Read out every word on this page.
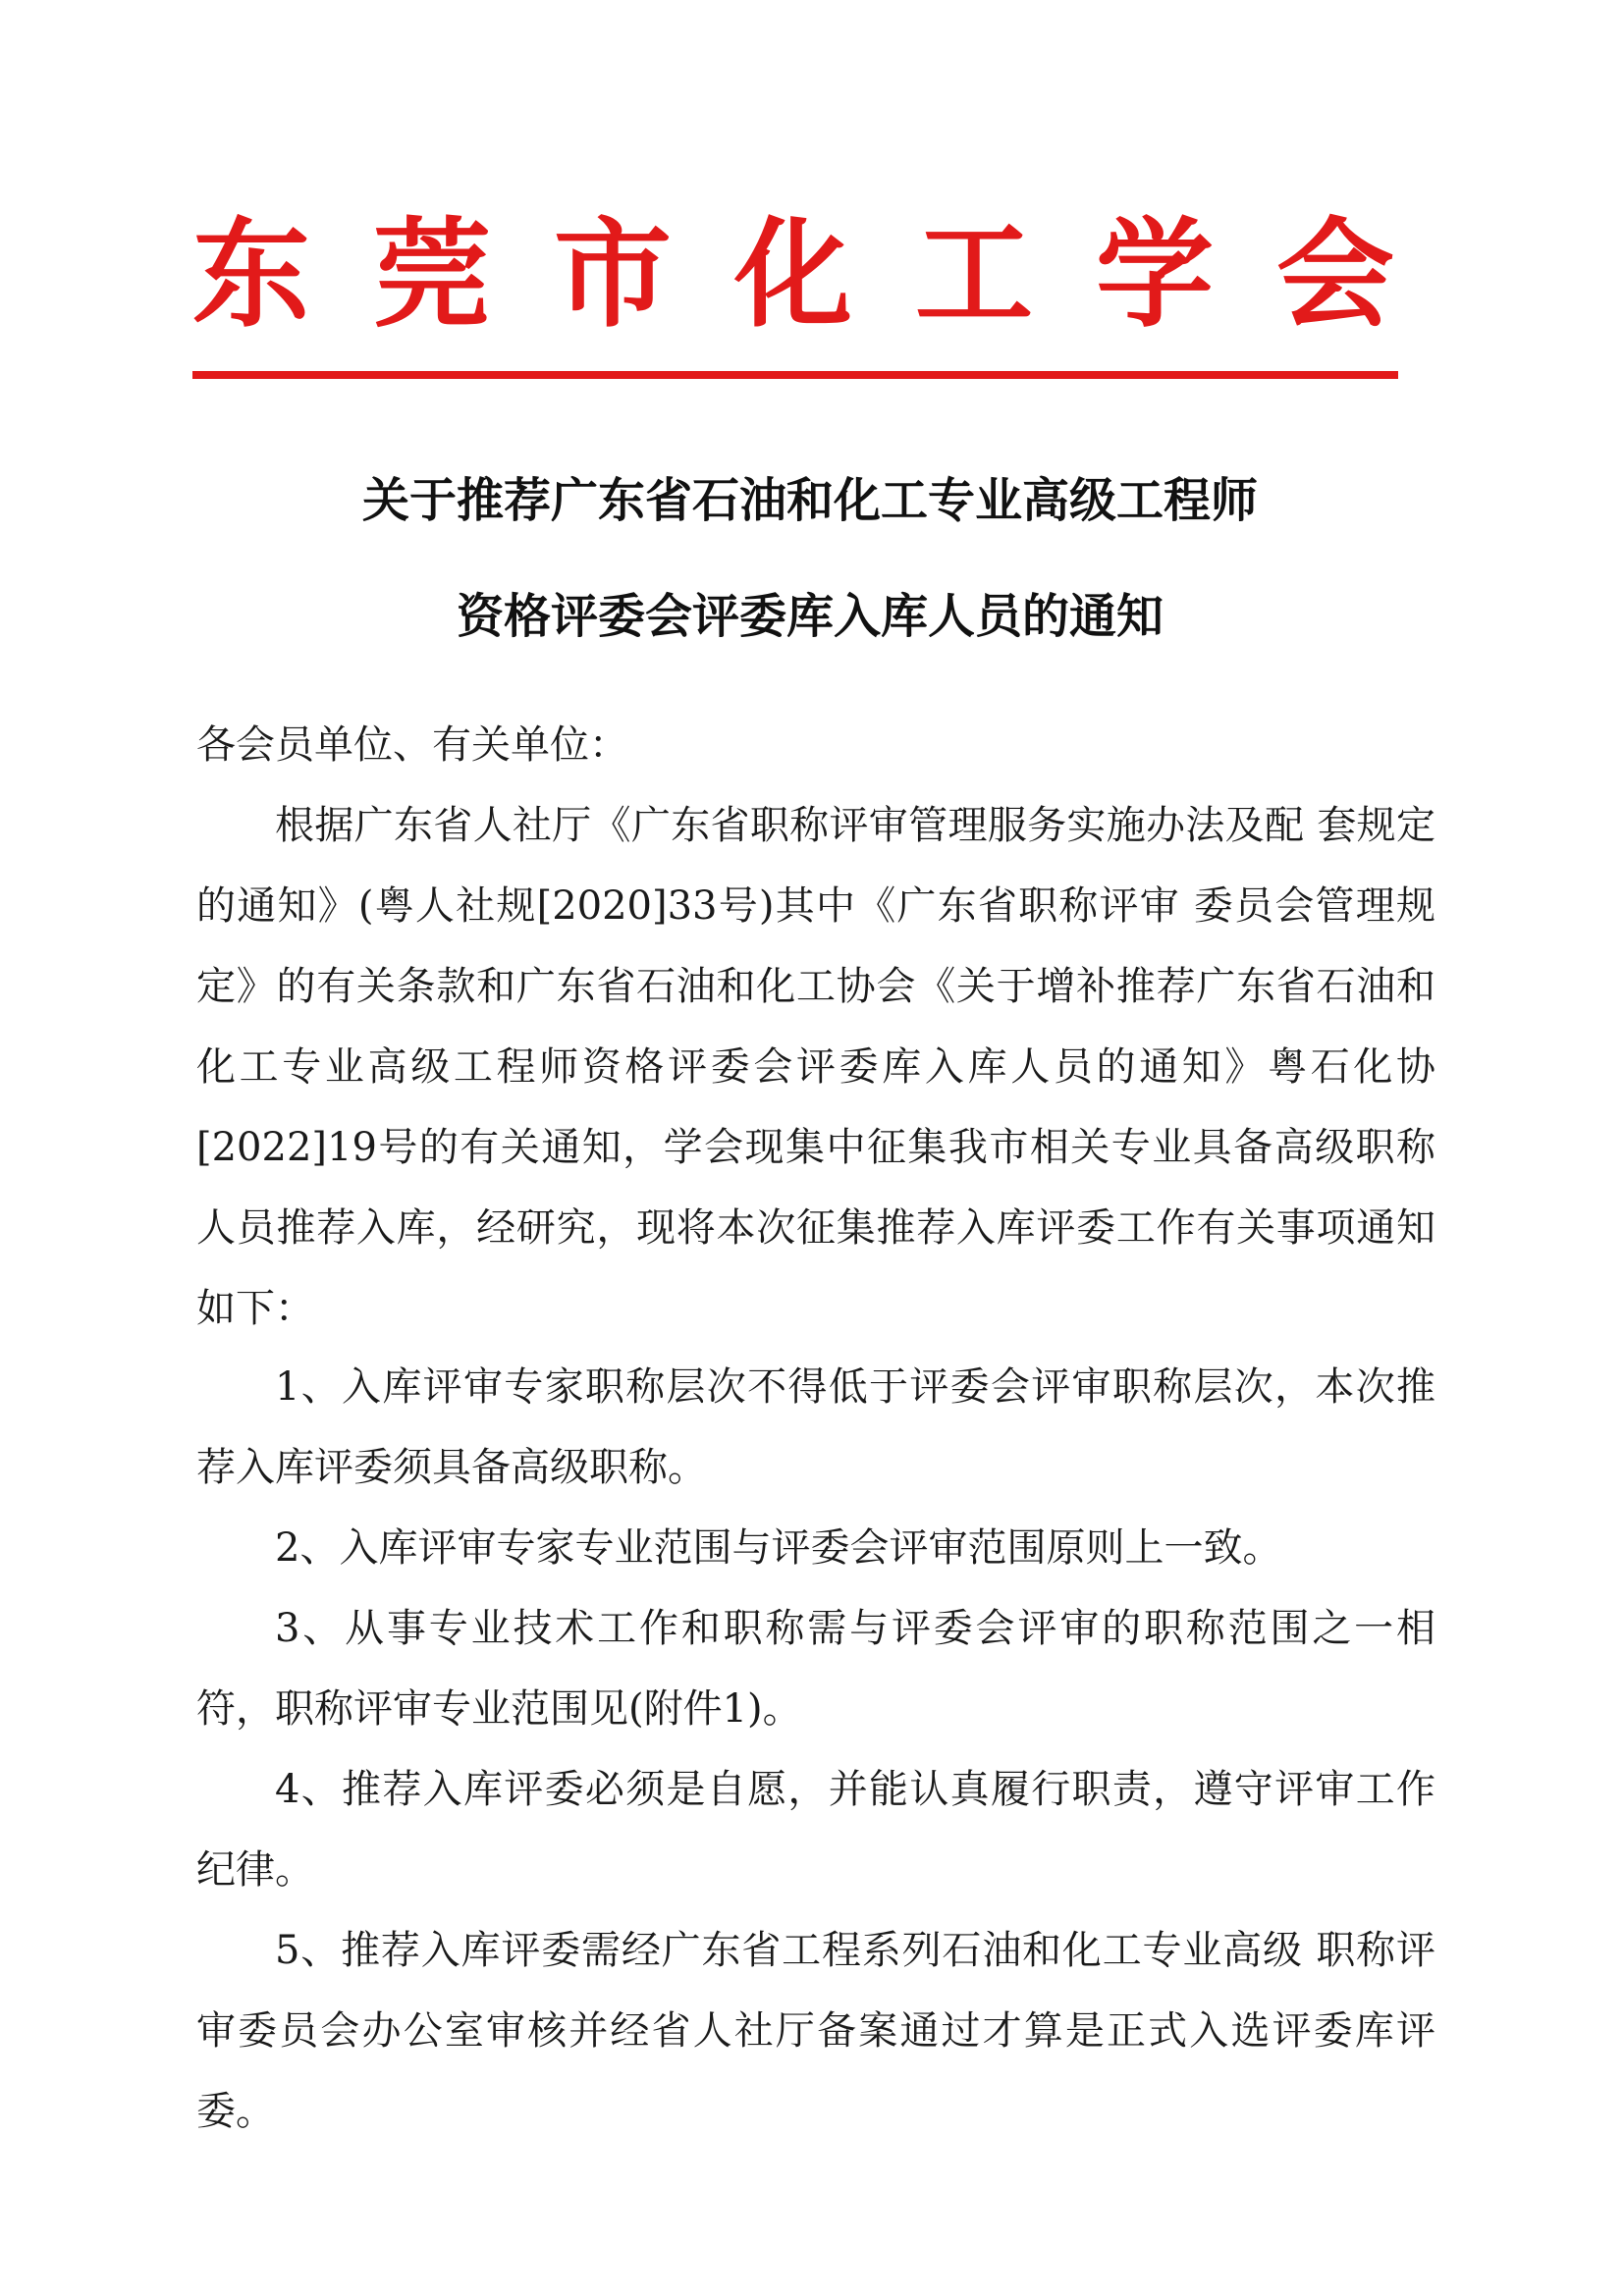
东莞市化工学会
关于推荐广东省石油和化工专业高级工程师
资格评委会评委库入库人员的通知
各会员单位、有关单位：

根据广东省人社厅《广东省职称评审管理服务实施办法及配 套规定的通知》(粤人社规[2020]33号)其中《广东省职称评审 委员会管理规定》的有关条款和广东省石油和化工协会《关于增补推荐广东省石油和化工专业高级工程师资格评委会评委库入库人员的通知》粤石化协[2022]19号的有关通知，学会现集中征集我市相关专业具备高级职称人员推荐入库，经研究，现将本次征集推荐入库评委工作有关事项通知如下：

1、入库评审专家职称层次不得低于评委会评审职称层次，本次推荐入库评委须具备高级职称。

2、入库评审专家专业范围与评委会评审范围原则上一致。

3、从事专业技术工作和职称需与评委会评审的职称范围之一相符，职称评审专业范围见(附件1)。

4、推荐入库评委必须是自愿，并能认真履行职责，遵守评审工作纪律。

5、推荐入库评委需经广东省工程系列石油和化工专业高级 职称评审委员会办公室审核并经省人社厅备案通过才算是正式入选评委库评委。
